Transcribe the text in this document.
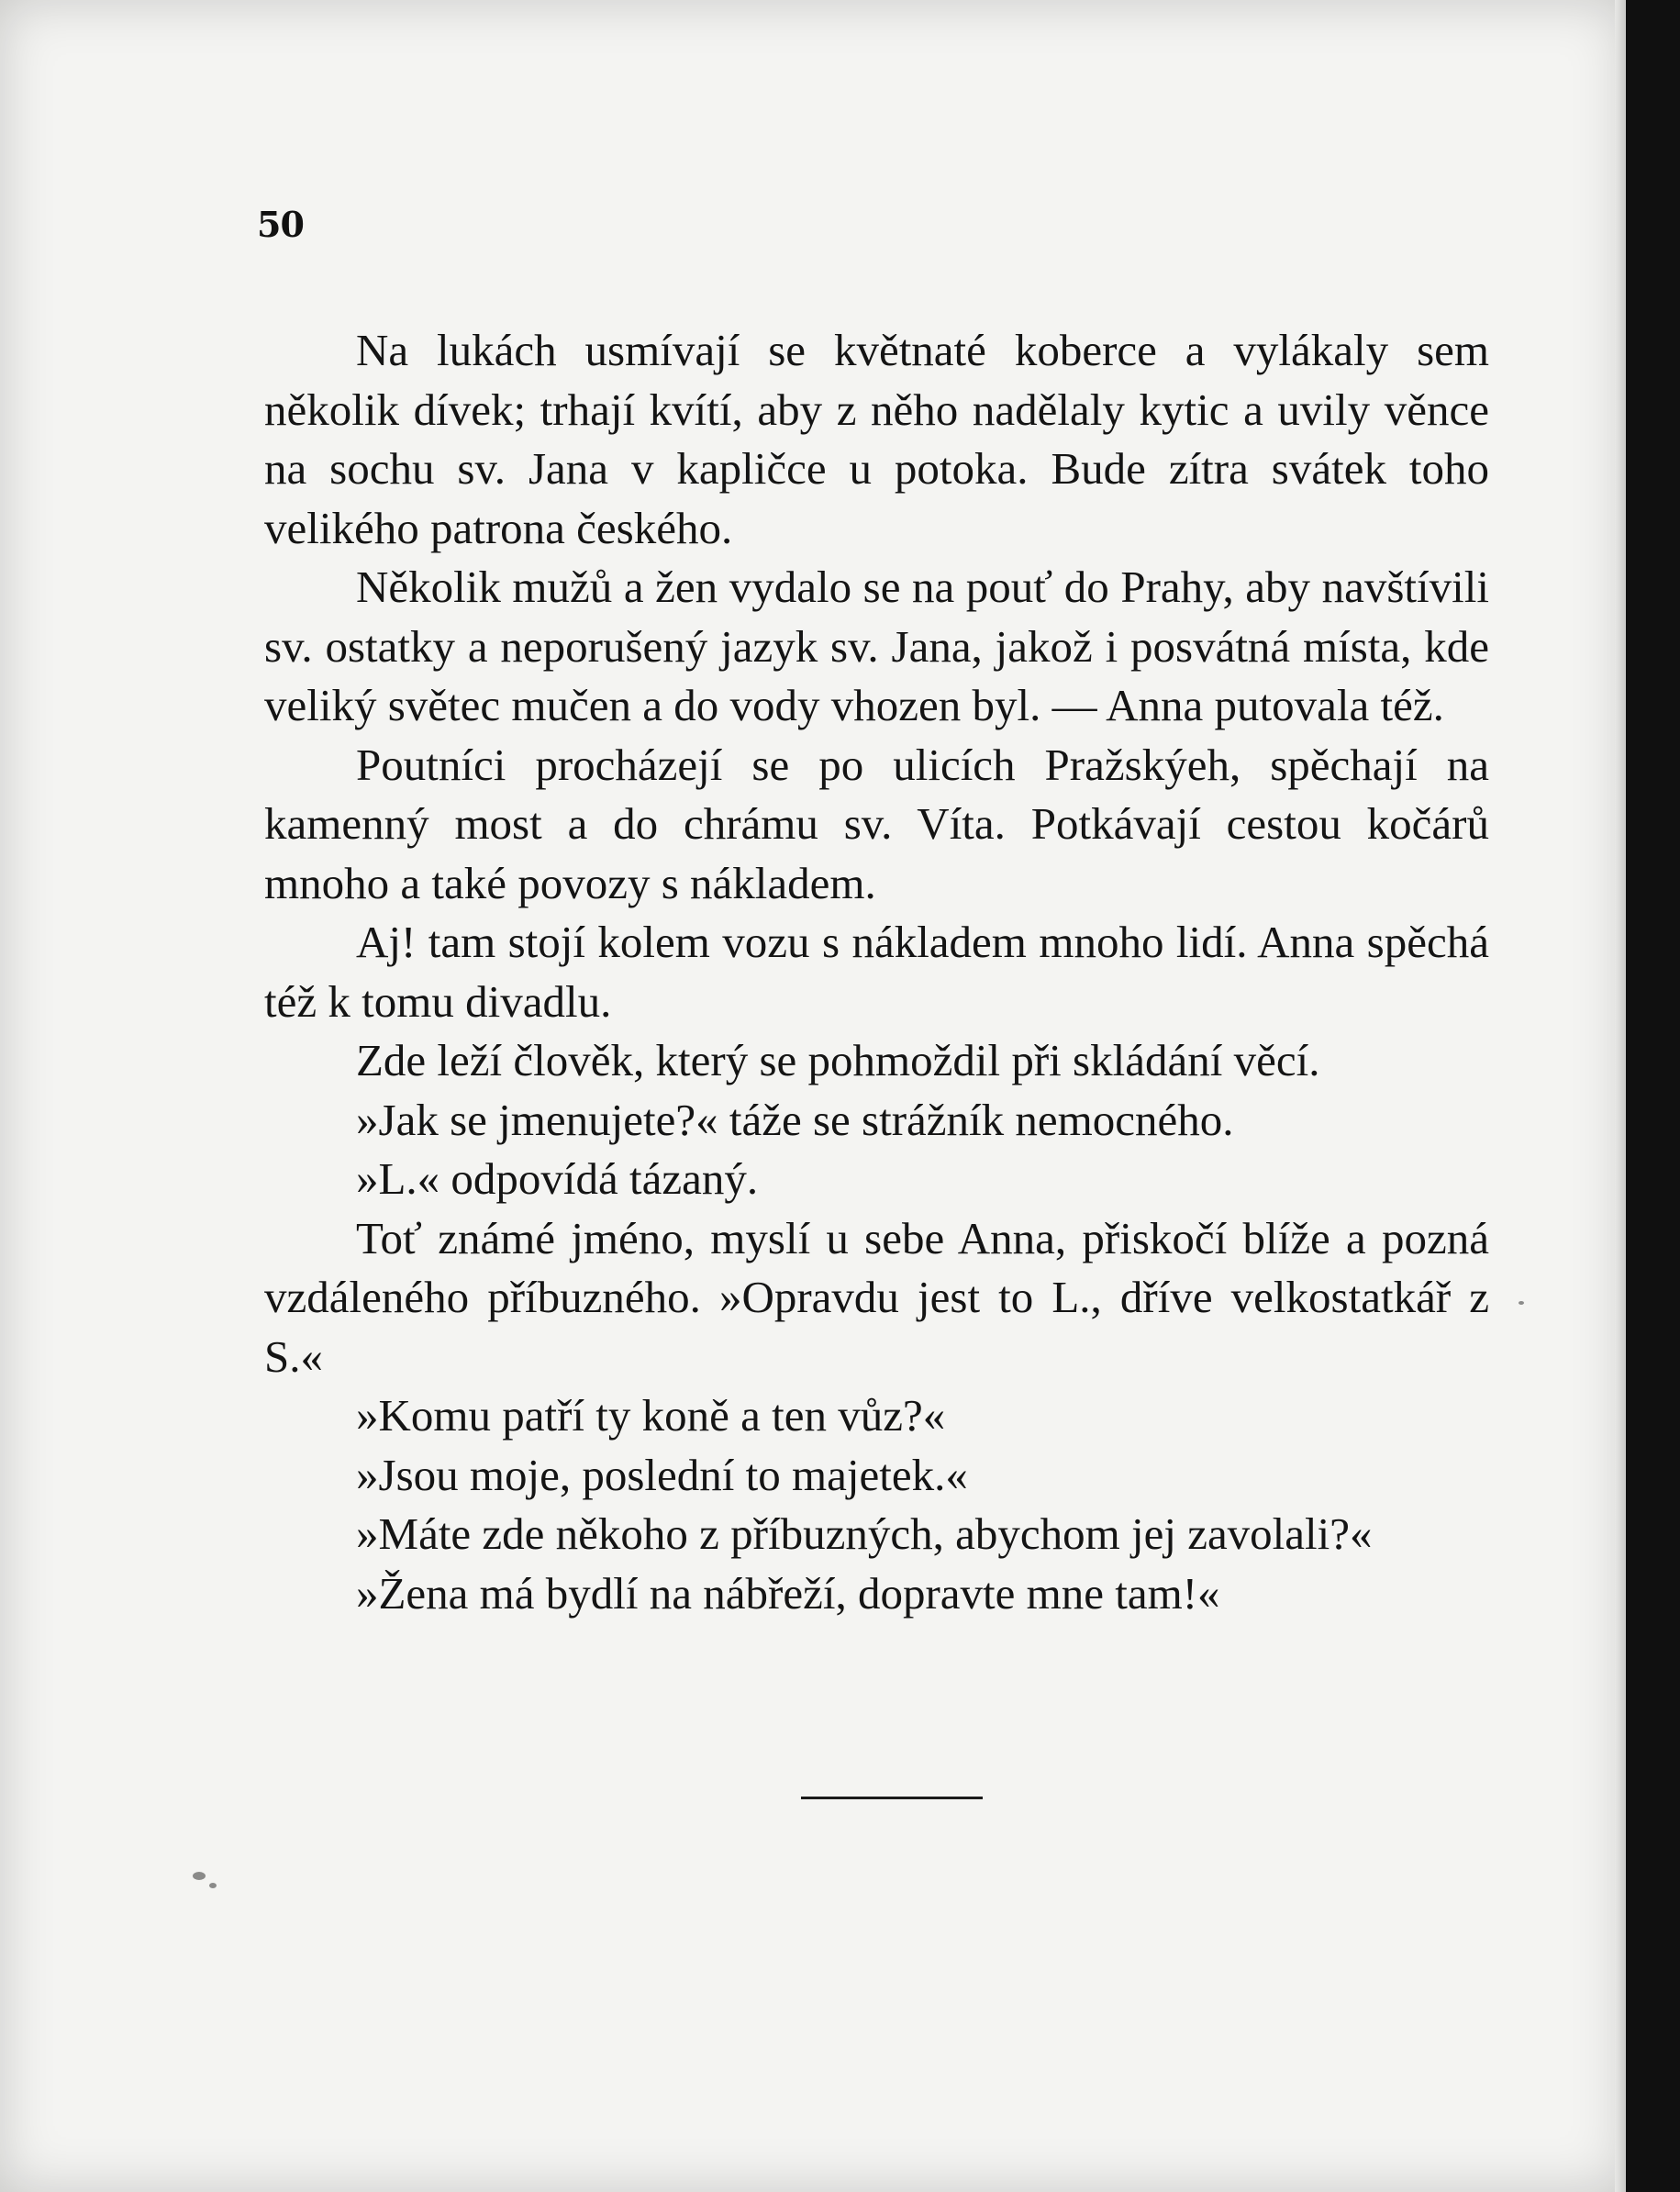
50

Na lukách usmívají se květnaté koberce a vylákaly sem několik dívek; trhají kvítí, aby z něho nadělaly kytic a uvily věnce na sochu sv. Jana v kapličce u potoka. Bude zítra svátek toho velikého patrona českého.

Několik mužů a žen vydalo se na pouť do Prahy, aby navštívili sv. ostatky a neporušený jazyk sv. Jana, jakož i posvátná místa, kde veliký světec mučen a do vody vhozen byl. — Anna putovala též.

Poutníci procházejí se po ulicích Pražskýeh, spěchají na kamenný most a do chrámu sv. Víta. Potkávají cestou kočárů mnoho a také povozy s nákladem.

Aj! tam stojí kolem vozu s nákladem mnoho lidí. Anna spěchá též k tomu divadlu.

Zde leží člověk, který se pohmoždil při skládání věcí.

»Jak se jmenujete?« táže se strážník nemocného.

»L.« odpovídá tázaný.

Toť známé jméno, myslí u sebe Anna, přiskočí blíže a pozná vzdáleného příbuzného. »Opravdu jest to L., dříve velkostatkář z S.«

»Komu patří ty koně a ten vůz?«

»Jsou moje, poslední to majetek.«

»Máte zde někoho z příbuzných, abychom jej zavolali?«

»Žena má bydlí na nábřeží, dopravte mne tam!«
